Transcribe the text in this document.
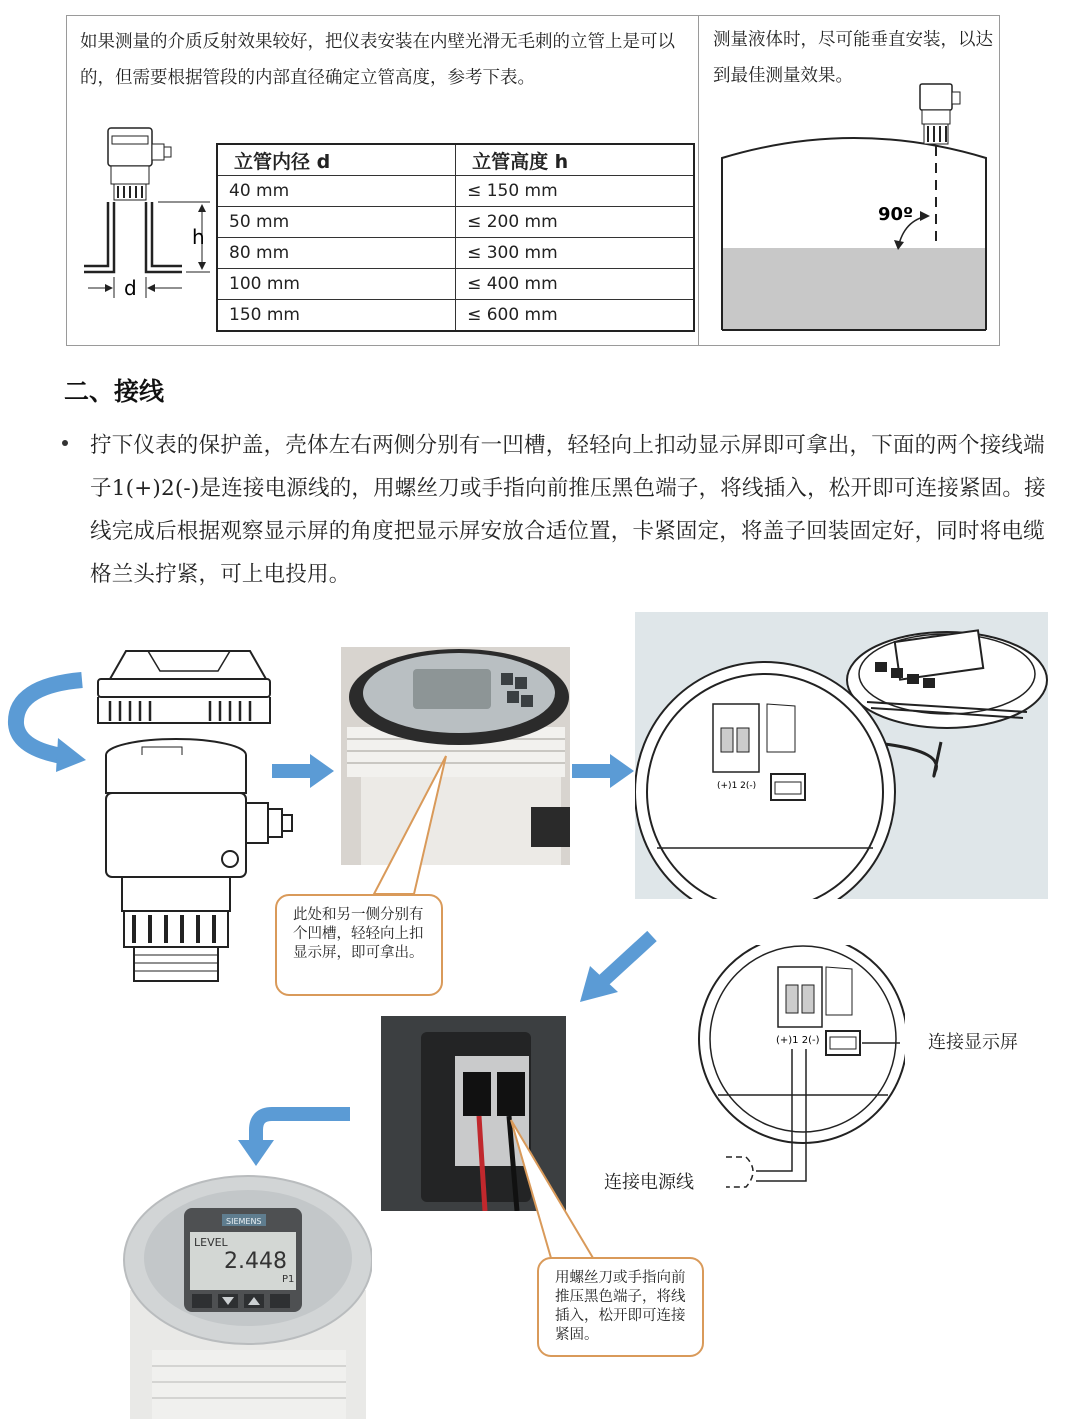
如果测量的介质反射效果较好，把仪表安装在内壁光滑无毛刺的立管上是可以的，但需要根据管段的内部直径确定立管高度，参考下表。
测量液体时，尽可能垂直安装，以达到最佳测量效果。
h
d
立管内径 d	立管高度 h
40 mm	≤ 150 mm
50 mm	≤ 200 mm
80 mm	≤ 300 mm
100 mm	≤ 400 mm
150 mm	≤ 600 mm
90º
二、接线
拧下仪表的保护盖，壳体左右两侧分别有一凹槽，轻轻向上扣动显示屏即可拿出，下面的两个接线端子1(+)2(-)是连接电源线的，用螺丝刀或手指向前推压黑色端子，将线插入，松开即可连接紧固。接线完成后根据观察显示屏的角度把显示屏安放合适位置，卡紧固定，将盖子回装固定好，同时将电缆格兰头拧紧，可上电投用。
(+)1 2(-)
此处和另一侧分别有个凹槽，轻轻向上扣显示屏，即可拿出。
用螺丝刀或手指向前推压黑色端子，将线插入，松开即可连接紧固。
(+)1 2(-)	连接显示屏
连接电源线
SIEMENS
LEVEL
2.448
P1
